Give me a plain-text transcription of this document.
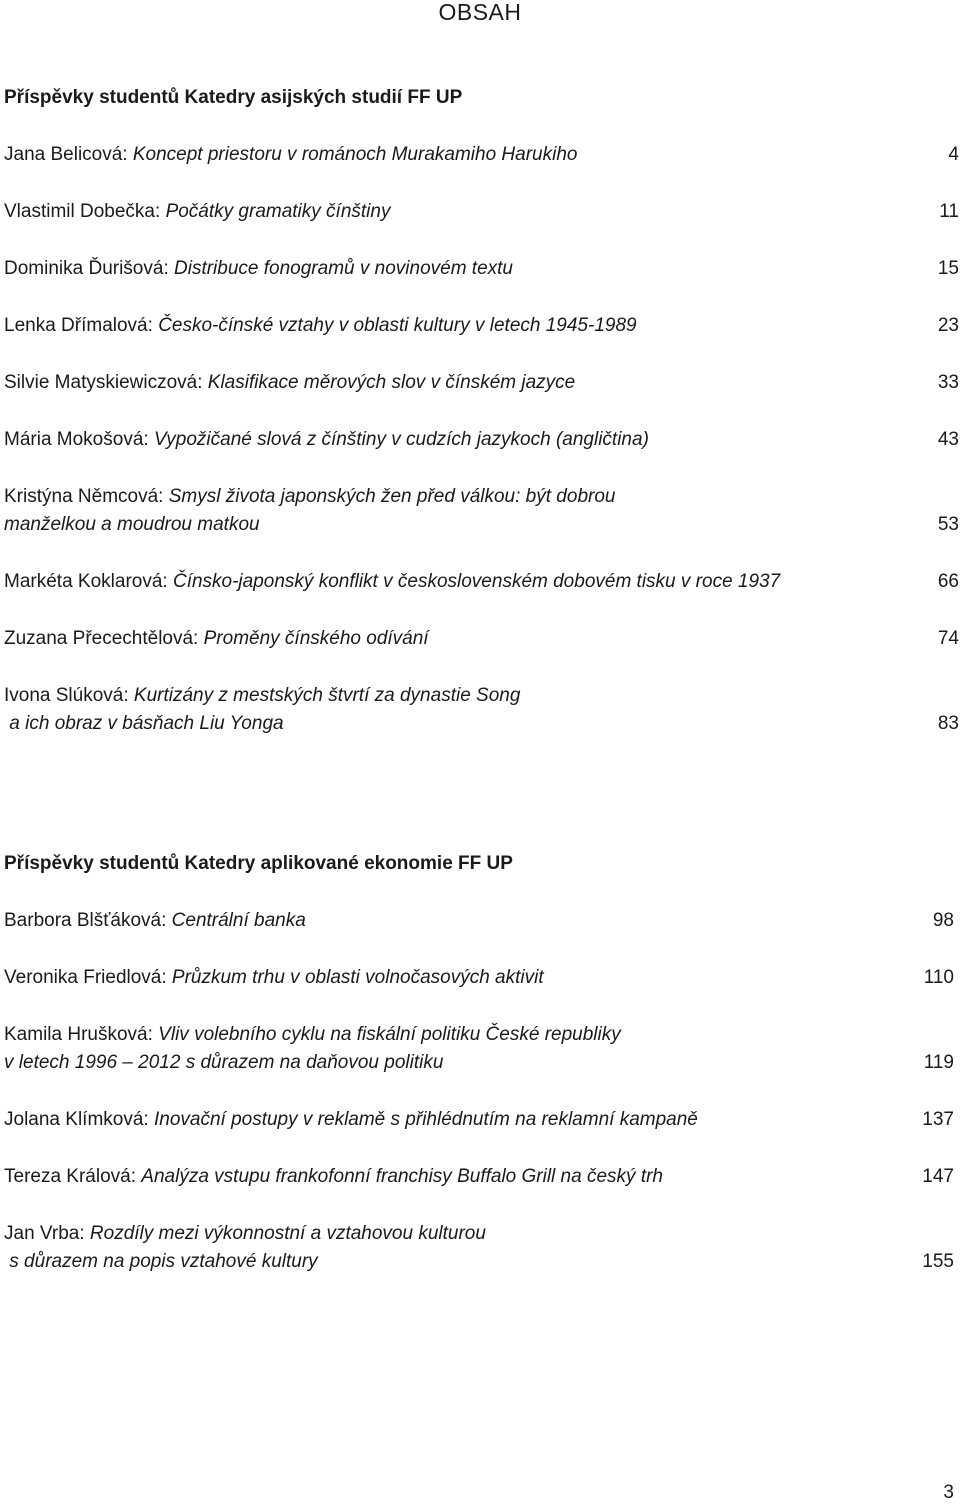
OBSAH
Příspěvky studentů Katedry asijských studií FF UP
Jana Belicová: Koncept priestoru v románoch Murakamiho Harukiho	4
Vlastimil Dobečka: Počátky gramatiky čínštiny	11
Dominika Ďurišová: Distribuce fonogramů v novinovém textu	15
Lenka Dřímalová: Česko-čínské vztahy v oblasti kultury v letech 1945-1989	23
Silvie Matyskiewiczová: Klasifikace měrových slov v čínském jazyce	33
Mária Mokošová: Vypožičané slová z čínštiny v cudzích jazykoch (angličtina)	43
Kristýna Němcová: Smysl života japonských žen před válkou: být dobrou
manželkou a moudrou matkou	53
Markéta Koklarová: Čínsko-japonský konflikt v československém dobovém tisku v roce 1937	66
Zuzana Přecechtělová: Proměny čínského odívání	74
Ivona Slúková: Kurtizány z mestských štvrtí za dynastie Song
a ich obraz v básňach Liu Yonga	83
Příspěvky studentů Katedry aplikované ekonomie FF UP
Barbora Blšťáková: Centrální banka	98
Veronika Friedlová: Průzkum trhu v oblasti volnočasových aktivit	110
Kamila Hrušková: Vliv volebního cyklu na fiskální politiku České republiky
v letech 1996 – 2012 s důrazem na daňovou politiku	119
Jolana Klímková: Inovační postupy v reklamě s přihlédnutím na reklamní kampaně	137
Tereza Králová: Analýza vstupu frankofonní franchisy Buffalo Grill na český trh	147
Jan Vrba: Rozdíly mezi výkonnostní a vztahovou kulturou
s důrazem na popis vztahové kultury	155
3
